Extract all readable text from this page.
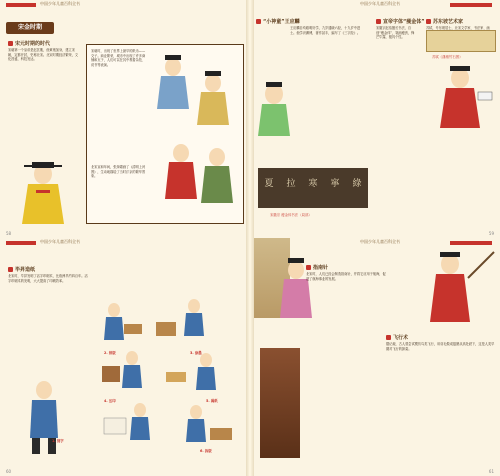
中国少年儿童百科全书
宋金时期
宋元时期的时代
宋朝第一个皇帝是赵匡胤，他黄袍加身，建立宋朝，定都开封，史称北宋。北宋时期经济繁荣，文化昌盛，科技发达。
宋朝时，出现了世界上最早的纸币——交子。商业繁荣，城市中出现了许多商铺和瓦子，人们可以在其中观看杂技、说书等表演。
北宋宣和年间，张择端画了《清明上河图》，生动地描绘了当时汴京的繁华景象。
58
中国少年儿童百科全书
“小神童”王应麟
王应麟自幼聪明好学，九岁通晓六经，十九岁中进士。他学识渊博，著作甚丰，编写了《三字经》。
宣帝字体“瘦金体”
宋徽宗赵佶擅长书法，自创“瘦金体”，笔画瘦劲，锋芒毕露，极具个性。
苏东坡艺术家
苏轼，号东坡居士，北宋文学家、书法家、画
苏轼《潇湘竹石图》
夏	拉	寒	寧	綠
宋徽宗 瘦金体书法（局部）
59
中国少年儿童百科全书
毕昇造纸
北宋时，毕昇发明了活字印刷术，比欧洲早约四百年。活字印刷术的发明，大大提高了印刷效率。
1. 刻字
2. 排版	3. 涂墨
4. 压印	5. 揭纸
6. 拆版
60
中国少年儿童百科全书
指南针
北宋时，人们已经会制造指南针，并将它应用于航海，促进了航海事业的发展。
飞行术
据记载，古人曾尝试模仿鸟类飞行，用羽毛做成翅膀从高处跃下，这是人类早期对飞行的探索。
61
